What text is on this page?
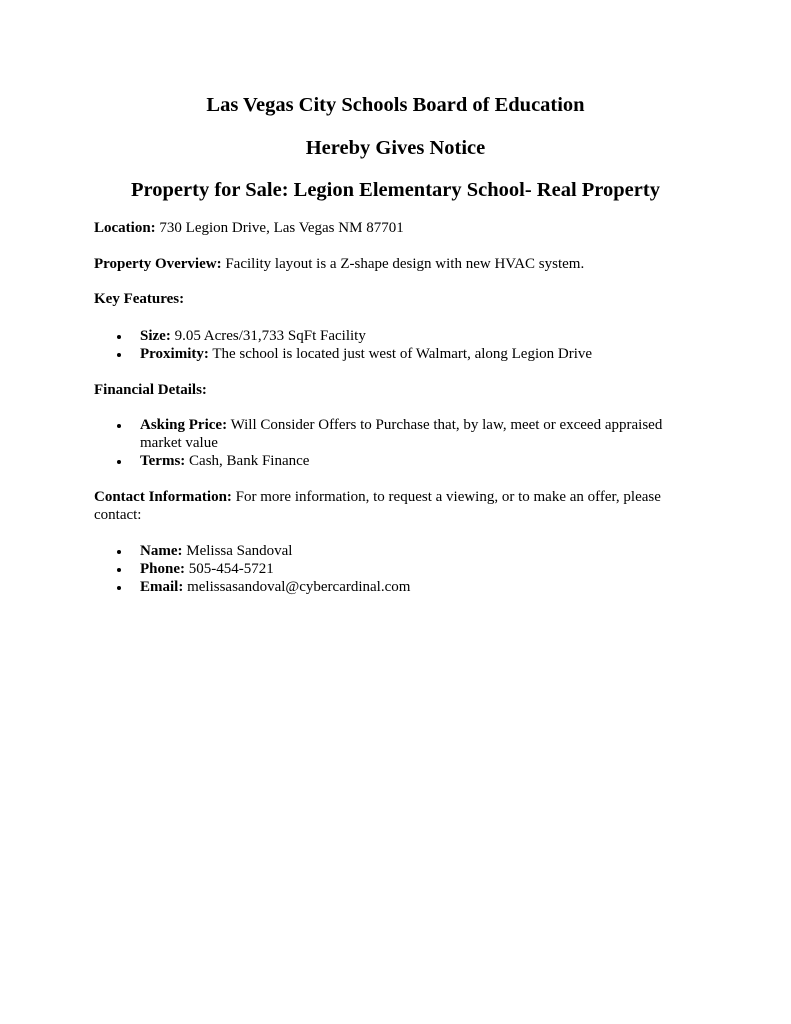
Las Vegas City Schools Board of Education
Hereby Gives Notice
Property for Sale: Legion Elementary School- Real Property
Location: 730 Legion Drive, Las Vegas NM 87701
Property Overview: Facility layout is a Z-shape design with new HVAC system.
Key Features:
Size: 9.05 Acres/31,733 SqFt Facility
Proximity: The school is located just west of Walmart, along Legion Drive
Financial Details:
Asking Price: Will Consider Offers to Purchase that, by law, meet or exceed appraised market value
Terms: Cash, Bank Finance
Contact Information: For more information, to request a viewing, or to make an offer, please contact:
Name: Melissa Sandoval
Phone: 505-454-5721
Email: melissasandoval@cybercardinal.com
